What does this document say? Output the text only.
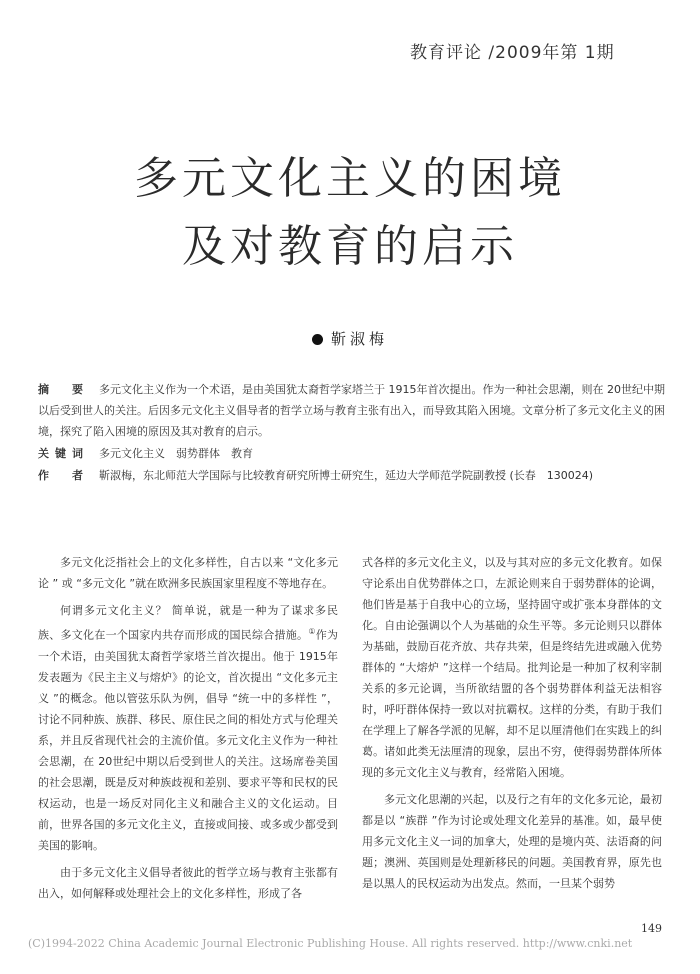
教育评论 /2009年第 1期
多元文化主义的困境
及对教育的启示
靳淑梅
摘　要 多元文化主义作为一个术语，是由美国犹太裔哲学家塔兰于 1915年首次提出。作为一种社会思潮，则在 20世纪中期以后受到世人的关注。后因多元文化主义倡导者的哲学立场与教育主张有出入，而导致其陷入困境。文章分析了多元文化主义的困境，探究了陷入困境的原因及其对教育的启示。
关键词 多元文化主义　弱势群体　教育
作　者 靳淑梅，东北师范大学国际与比较教育研究所博士研究生，延边大学师范学院副教授 (长春　130024)

多元文化泛指社会上的文化多样性，自古以来 “文化多元论 ” 或 “多元文化 ”就在欧洲多民族国家里程度不等地存在。

何谓多元文化主义？ 简单说，就是一种为了谋求多民族、多文化在一个国家内共存而形成的国民综合措施。①作为一个术语，由美国犹太裔哲学家塔兰首次提出。他于 1915年发表题为《民主主义与熔炉》的论文，首次提出 “文化多元主义 ”的概念。他以管弦乐队为例，倡导 “统一中的多样性 ”，讨论不同种族、族群、移民、原住民之间的相处方式与伦理关系，并且反省现代社会的主流价值。多元文化主义作为一种社会思潮，在 20世纪中期以后受到世人的关注。这场席卷美国的社会思潮，既是反对种族歧视和差别、要求平等和民权的民权运动，也是一场反对同化主义和融合主义的文化运动。目前，世界各国的多元文化主义，直接或间接、或多或少都受到美国的影响。

由于多元文化主义倡导者彼此的哲学立场与教育主张都有出入，如何解释或处理社会上的文化多样性，形成了各

式各样的多元文化主义，以及与其对应的多元文化教育。如保守论系出自优势群体之口，左派论则来自于弱势群体的论调，他们皆是基于自我中心的立场，坚持固守或扩张本身群体的文化。自由论强调以个人为基础的众生平等。多元论则只以群体为基础，鼓励百花齐放、共存共荣，但是终结先进或融入优势群体的 “大熔炉 ”这样一个结局。批判论是一种加了权利宰制关系的多元论调，当所欲结盟的各个弱势群体利益无法相容时，呼吁群体保持一致以对抗霸权。这样的分类，有助于我们在学理上了解各学派的见解，却不足以厘清他们在实践上的纠葛。诸如此类无法厘清的现象，层出不穷，使得弱势群体所体现的多元文化主义与教育，经常陷入困境。

多元文化思潮的兴起，以及行之有年的文化多元论，最初都是以 “族群 ”作为讨论或处理文化差异的基准。如，最早使用多元文化主义一词的加拿大，处理的是境内英、法语裔的问题；澳洲、英国则是处理新移民的问题。美国教育界，原先也是以黑人的民权运动为出发点。然而，一旦某个弱势

149
(C)1994-2022 China Academic Journal Electronic Publishing House. All rights reserved. http://www.cnki.net
